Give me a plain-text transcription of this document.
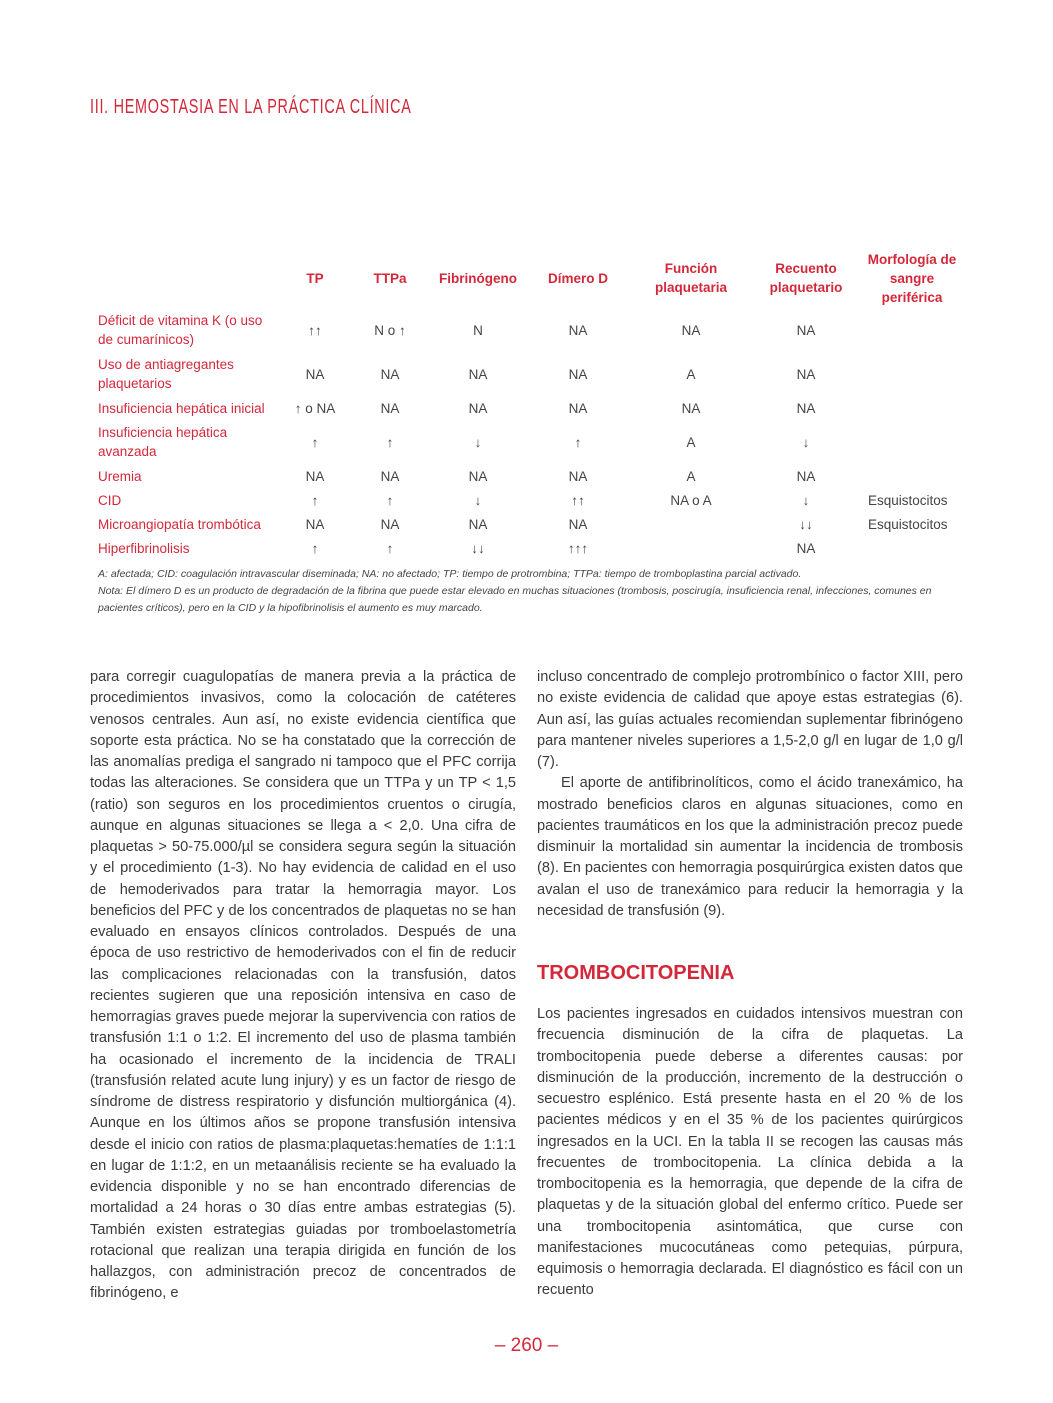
III. HEMOSTASIA EN LA PRÁCTICA CLÍNICA
	TP	TTPa	Fibrinógeno	Dímero D	Función plaquetaria	Recuento plaquetario	Morfología de sangre periférica
Déficit de vitamina K (o uso de cumarínicos)	↑↑	N o ↑	N	NA	NA	NA	
Uso de antiagregantes plaquetarios	NA	NA	NA	NA	A	NA	
Insuficiencia hepática inicial	↑ o NA	NA	NA	NA	NA	NA	
Insuficiencia hepática avanzada	↑	↑	↓	↑	A	↓	
Uremia	NA	NA	NA	NA	A	NA	
CID	↑	↑	↓	↑↑	NA o A	↓	Esquistocitos
Microangiopatía trombótica	NA	NA	NA	NA		↓↓	Esquistocitos
Hiperfibrinolisis	↑	↑	↓↓	↑↑↑		NA	
A: afectada; CID: coagulación intravascular diseminada; NA: no afectado; TP: tiempo de protrombina; TTPa: tiempo de tromboplastina parcial activado.
Nota: El dímero D es un producto de degradación de la fibrina que puede estar elevado en muchas situaciones (trombosis, poscirugía, insuficiencia renal, infecciones, comunes en pacientes críticos), pero en la CID y la hipofibrinolisis el aumento es muy marcado.

para corregir cuagulopatías de manera previa a la práctica de procedimientos invasivos, como la colocación de catéteres venosos centrales. Aun así, no existe evidencia científica que soporte esta práctica. No se ha constatado que la corrección de las anomalías prediga el sangrado ni tampoco que el PFC corrija todas las alteraciones. Se considera que un TTPa y un TP < 1,5 (ratio) son seguros en los procedimientos cruentos o cirugía, aunque en algunas situaciones se llega a < 2,0. Una cifra de plaquetas > 50-75.000/µl se considera segura según la situación y el procedimiento (1-3). No hay evidencia de calidad en el uso de hemoderivados para tratar la hemorragia mayor. Los beneficios del PFC y de los concentrados de plaquetas no se han evaluado en ensayos clínicos controlados. Después de una época de uso restrictivo de hemoderivados con el fin de reducir las complicaciones relacionadas con la transfusión, datos recientes sugieren que una reposición intensiva en caso de hemorragias graves puede mejorar la supervivencia con ratios de transfusión 1:1 o 1:2. El incremento del uso de plasma también ha ocasionado el incremento de la incidencia de TRALI (transfusión related acute lung injury) y es un factor de riesgo de síndrome de distress respiratorio y disfunción multiorgánica (4). Aunque en los últimos años se propone transfusión intensiva desde el inicio con ratios de plasma:plaquetas:hematíes de 1:1:1 en lugar de 1:1:2, en un metaanálisis reciente se ha evaluado la evidencia disponible y no se han encontrado diferencias de mortalidad a 24 horas o 30 días entre ambas estrategias (5). También existen estrategias guiadas por tromboelastometría rotacional que realizan una terapia dirigida en función de los hallazgos, con administración precoz de concentrados de fibrinógeno, e

incluso concentrado de complejo protrombínico o factor XIII, pero no existe evidencia de calidad que apoye estas estrategias (6). Aun así, las guías actuales recomiendan suplementar fibrinógeno para mantener niveles superiores a 1,5-2,0 g/l en lugar de 1,0 g/l (7).

El aporte de antifibrinolíticos, como el ácido tranexámico, ha mostrado beneficios claros en algunas situaciones, como en pacientes traumáticos en los que la administración precoz puede disminuir la mortalidad sin aumentar la incidencia de trombosis (8). En pacientes con hemorragia posquirúrgica existen datos que avalan el uso de tranexámico para reducir la hemorragia y la necesidad de transfusión (9).

TROMBOCITOPENIA

Los pacientes ingresados en cuidados intensivos muestran con frecuencia disminución de la cifra de plaquetas. La trombocitopenia puede deberse a diferentes causas: por disminución de la producción, incremento de la destrucción o secuestro esplénico. Está presente hasta en el 20 % de los pacientes médicos y en el 35 % de los pacientes quirúrgicos ingresados en la UCI. En la tabla II se recogen las causas más frecuentes de trombocitopenia. La clínica debida a la trombocitopenia es la hemorragia, que depende de la cifra de plaquetas y de la situación global del enfermo crítico. Puede ser una trombocitopenia asintomática, que curse con manifestaciones mucocutáneas como petequias, púrpura, equimosis o hemorragia declarada. El diagnóstico es fácil con un recuento

– 260 –
